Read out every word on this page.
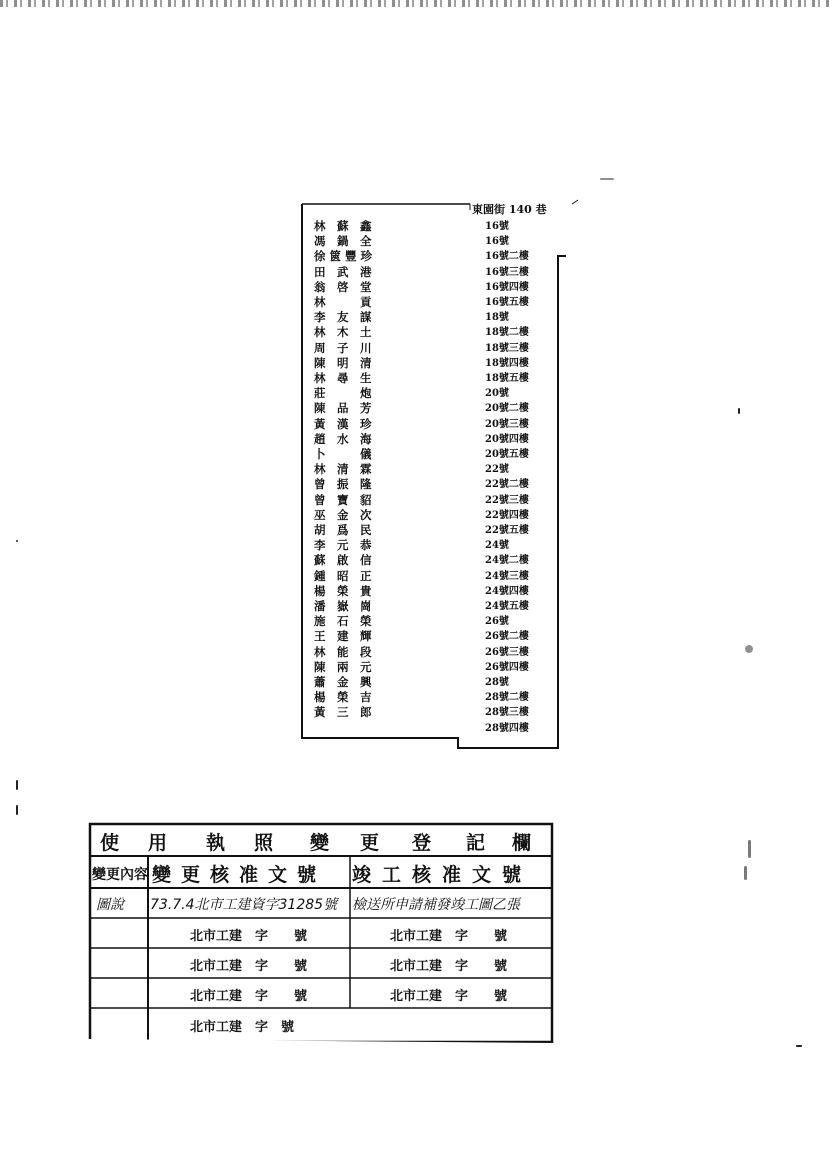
東園街 140 巷
林　蘇　鑫	16號
馮　鍋　全	16號
徐 篋 豐 珍	16號二樓
田　武　港	16號三樓
翁　啓　堂	16號四樓
林　　　貢	16號五樓
李　友　謀	18號
林　木　土	18號二樓
周　子　川	18號三樓
陳　明　清	18號四樓
林　尋　生	18號五樓
莊　　　炮	20號
陳　品　芳	20號二樓
黃　漢　珍	20號三樓
趙　水　海	20號四樓
卜　　　儀	20號五樓
林　清　霖	22號
曾　振　隆	22號二樓
曾　寶　貂	22號三樓
巫　金　次	22號四樓
胡　爲　民	22號五樓
李　元　恭	24號
蘇　啟　信	24號二樓
鍾　昭　正	24號三樓
楊　榮　貴	24號四樓
潘　嶽　崗	24號五樓
施　石　榮	26號
王　建　輝	26號二樓
林　能　段	26號三樓
陳　兩　元	26號四樓
蕭　金　興	28號
楊　榮　吉	28號二樓
黃　三　郎	28號三樓
28號四樓
使 用 執 照 變 更 登 記 欄
變更內容 變更核准文號 竣工核准文號
圖說 73.7.4北市工建資字31285號 檢送所申請補發竣工圖乙張
北市工建　字　　號	北市工建　字　　號
北市工建　字　　號	北市工建　字　　號
北市工建　字　　號	北市工建　字　　號
北市工建　字　號
